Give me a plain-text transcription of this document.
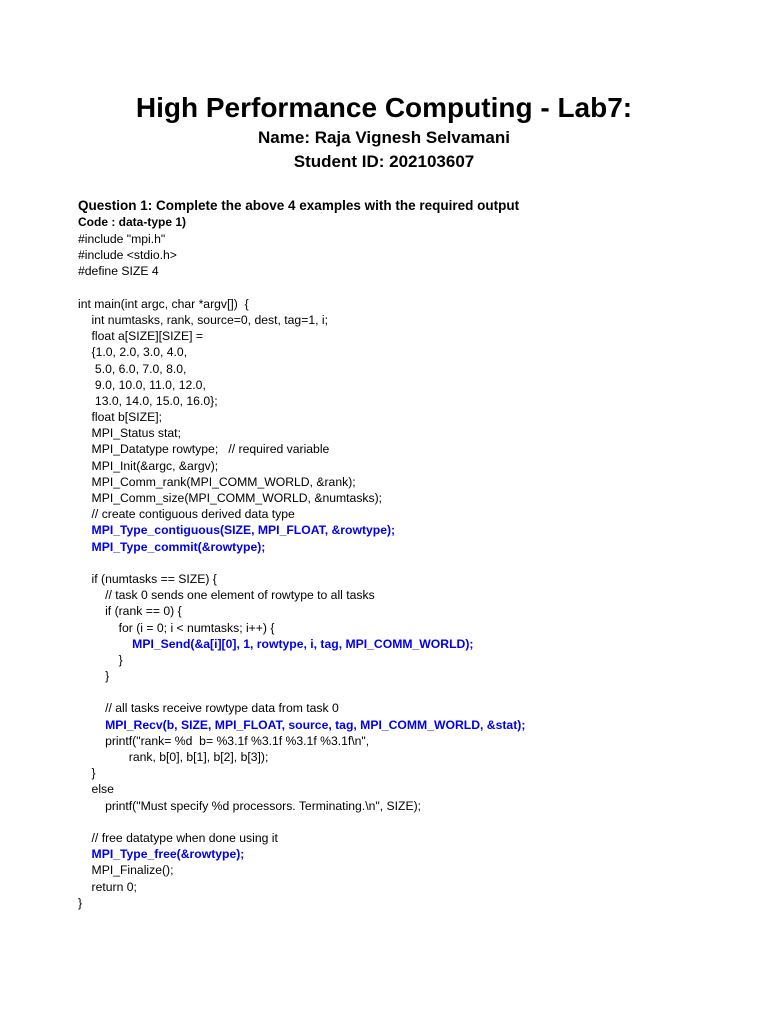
High Performance Computing - Lab7:
Name: Raja Vignesh Selvamani
Student ID: 202103607
Question 1: Complete the above 4 examples with the required output
Code : data-type 1)
#include "mpi.h"
#include <stdio.h>
#define SIZE 4

int main(int argc, char *argv[])  {
int numtasks, rank, source=0, dest, tag=1, i;
float a[SIZE][SIZE] =
{1.0, 2.0, 3.0, 4.0,
5.0, 6.0, 7.0, 8.0,
9.0, 10.0, 11.0, 12.0,
13.0, 14.0, 15.0, 16.0};
float b[SIZE];
MPI_Status stat;
MPI_Datatype rowtype;   // required variable
MPI_Init(&argc, &argv);
MPI_Comm_rank(MPI_COMM_WORLD, &rank);
MPI_Comm_size(MPI_COMM_WORLD, &numtasks);
// create contiguous derived data type
MPI_Type_contiguous(SIZE, MPI_FLOAT, &rowtype);
MPI_Type_commit(&rowtype);

if (numtasks == SIZE) {
// task 0 sends one element of rowtype to all tasks
if (rank == 0) {
for (i = 0; i < numtasks; i++) {
MPI_Send(&a[i][0], 1, rowtype, i, tag, MPI_COMM_WORLD);
}
}

// all tasks receive rowtype data from task 0
MPI_Recv(b, SIZE, MPI_FLOAT, source, tag, MPI_COMM_WORLD, &stat);
printf("rank= %d  b= %3.1f %3.1f %3.1f %3.1f\n",
rank, b[0], b[1], b[2], b[3]);
}
else
printf("Must specify %d processors. Terminating.\n", SIZE);

// free datatype when done using it
MPI_Type_free(&rowtype);
MPI_Finalize();
return 0;
}
